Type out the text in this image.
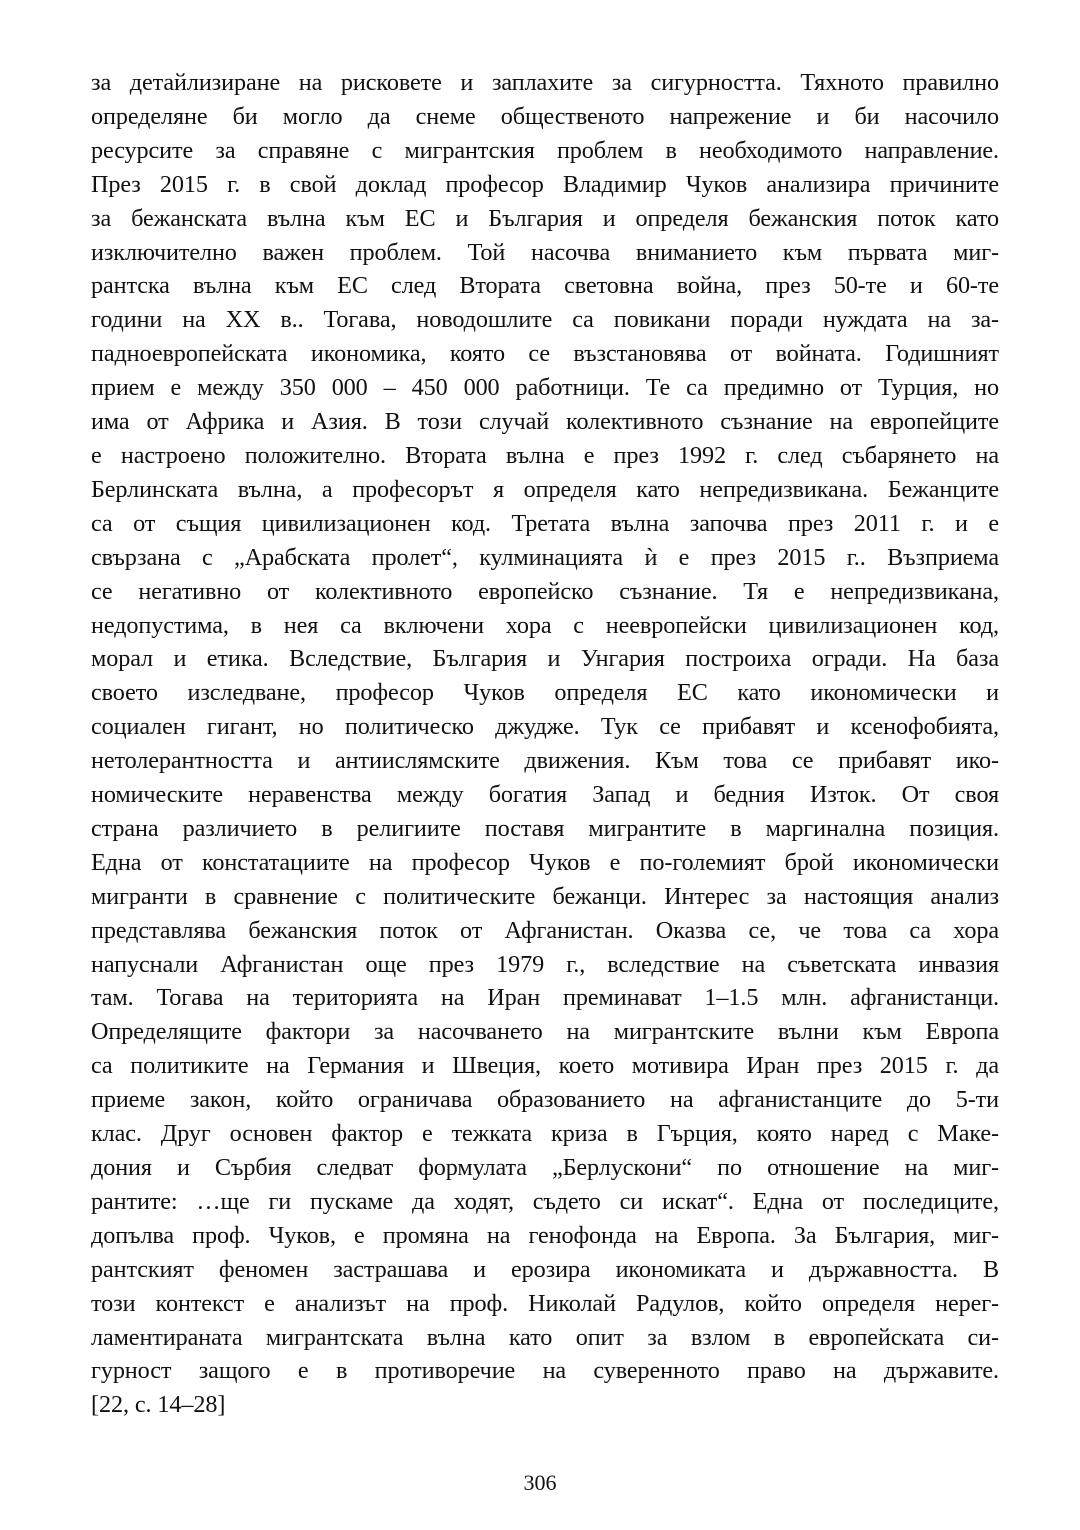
за детайлизиране на рисковете и заплахите за сигурността. Тяхното правилно
определяне би могло да снеме общественото напрежение и би насочило
ресурсите за справяне с мигрантския проблем в необходимото направление.
През 2015 г. в свой доклад професор Владимир Чуков анализира причините
за бежанската вълна към ЕС и България и определя бежанския поток като
изключително важен проблем. Той насочва вниманието към първата миг-
рантска вълна към ЕС след Втората световна война, през 50-те и 60-те
години на ХХ в.. Тогава, новодошлите са повикани поради нуждата на за-
падноевропейската икономика, която се възстановява от войната. Годишният
прием е между 350 000 – 450 000 работници. Те са предимно от Турция, но
има от Африка и Азия. В този случай колективното съзнание на европейците
е настроено положително. Втората вълна е през 1992 г. след събарянето на
Берлинската вълна, а професорът я определя като непредизвикана. Бежанците
са от същия цивилизационен код. Третата вълна започва през 2011 г. и е
свързана с „Арабската пролет“, кулминацията ѝ е през 2015 г.. Възприема
се негативно от колективното европейско съзнание. Тя е непредизвикана,
недопустима, в нея са включени хора с неевропейски цивилизационен код,
морал и етика. Вследствие, България и Унгария построиха огради. На база
своето изследване, професор Чуков определя ЕС като икономически и
социален гигант, но политическо джудже. Тук се прибавят и ксенофобията,
нетолерантността и антиислямските движения. Към това се прибавят ико-
номическите неравенства между богатия Запад и бедния Изток. От своя
страна различието в религиите поставя мигрантите в маргинална позиция.
Една от констатациите на професор Чуков е по-големият брой икономически
мигранти в сравнение с политическите бежанци. Интерес за настоящия анализ
представлява бежанския поток от Афганистан. Оказва се, че това са хора
напуснали Афганистан още през 1979 г., вследствие на съветската инвазия
там. Тогава на територията на Иран преминават 1–1.5 млн. афганистанци.
Определящите фактори за насочването на мигрантските вълни към Европа
са политиките на Германия и Швеция, което мотивира Иран през 2015 г. да
приеме закон, който ограничава образованието на афганистанците до 5-ти
клас. Друг основен фактор е тежката криза в Гърция, която наред с Маке-
дония и Сърбия следват формулата „Берлускони“ по отношение на миг-
рантите: …ще ги пускаме да ходят, съдето си искат“. Една от последиците,
допълва проф. Чуков, е промяна на генофонда на Европа. За България, миг-
рантският феномен застрашава и ерозира икономиката и държавността. В
този контекст е анализът на проф. Николай Радулов, който определя нерег-
ламентираната мигрантската вълна като опит за взлом в европейската си-
гурност защого е в противоречие на суверенното право на държавите.
[22, с. 14–28]
306
